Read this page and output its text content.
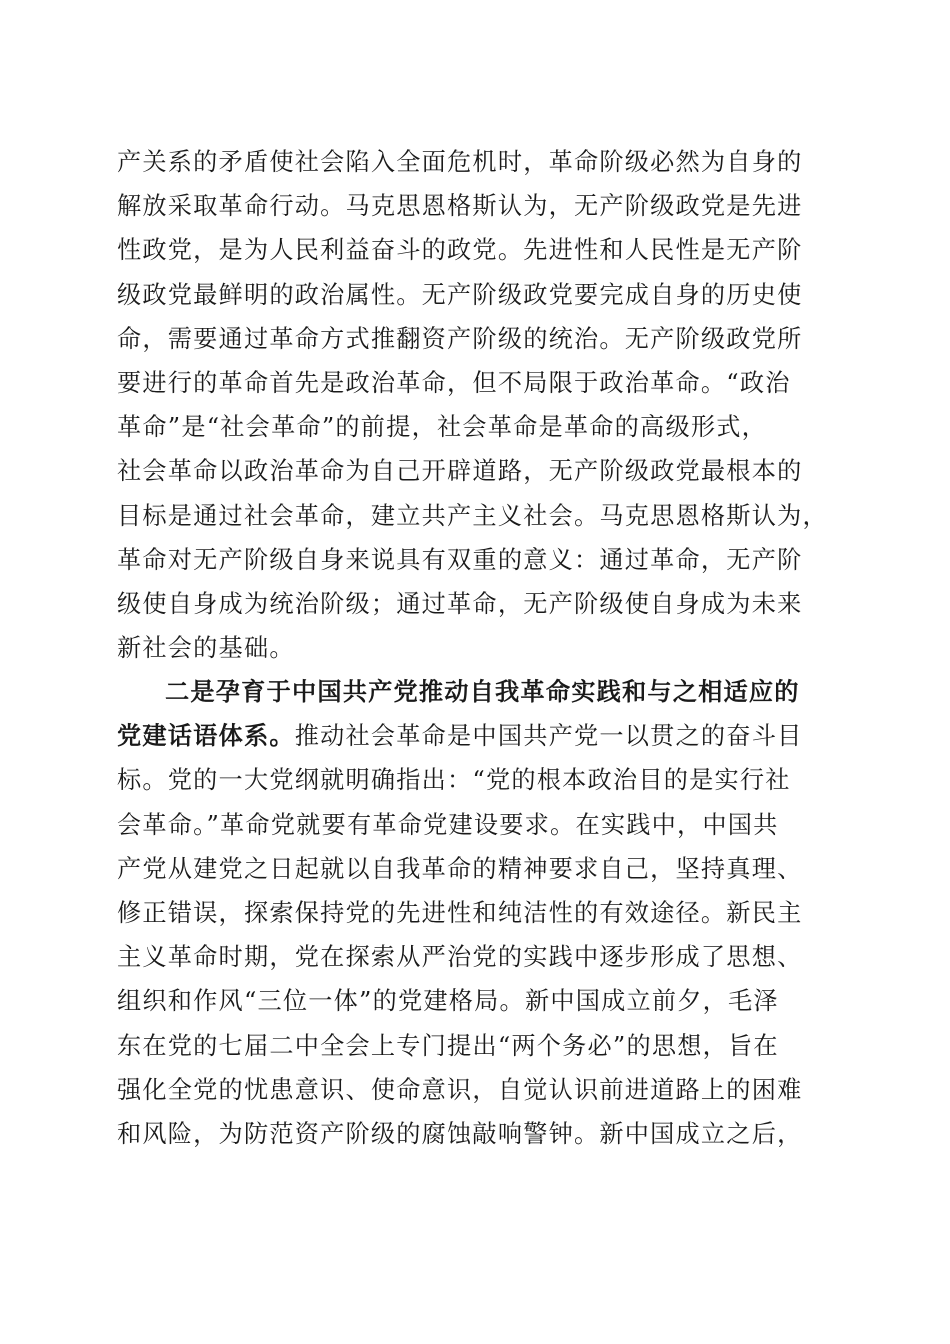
产关系的矛盾使社会陷入全面危机时，革命阶级必然为自身的
解放采取革命行动。马克思恩格斯认为，无产阶级政党是先进
性政党，是为人民利益奋斗的政党。先进性和人民性是无产阶
级政党最鲜明的政治属性。无产阶级政党要完成自身的历史使
命，需要通过革命方式推翻资产阶级的统治。无产阶级政党所
要进行的革命首先是政治革命，但不局限于政治革命。“政治
革命”是“社会革命”的前提，社会革命是革命的高级形式，
社会革命以政治革命为自己开辟道路，无产阶级政党最根本的
目标是通过社会革命，建立共产主义社会。马克思恩格斯认为，
革命对无产阶级自身来说具有双重的意义：通过革命，无产阶
级使自身成为统治阶级；通过革命，无产阶级使自身成为未来
新社会的基础。
二是孕育于中国共产党推动自我革命实践和与之相适应的
党建话语体系。推动社会革命是中国共产党一以贯之的奋斗目
标。党的一大党纲就明确指出：“党的根本政治目的是实行社
会革命。”革命党就要有革命党建设要求。在实践中，中国共
产党从建党之日起就以自我革命的精神要求自己，坚持真理、
修正错误，探索保持党的先进性和纯洁性的有效途径。新民主
主义革命时期，党在探索从严治党的实践中逐步形成了思想、
组织和作风“三位一体”的党建格局。新中国成立前夕，毛泽
东在党的七届二中全会上专门提出“两个务必”的思想，旨在
强化全党的忧患意识、使命意识，自觉认识前进道路上的困难
和风险，为防范资产阶级的腐蚀敲响警钟。新中国成立之后，
